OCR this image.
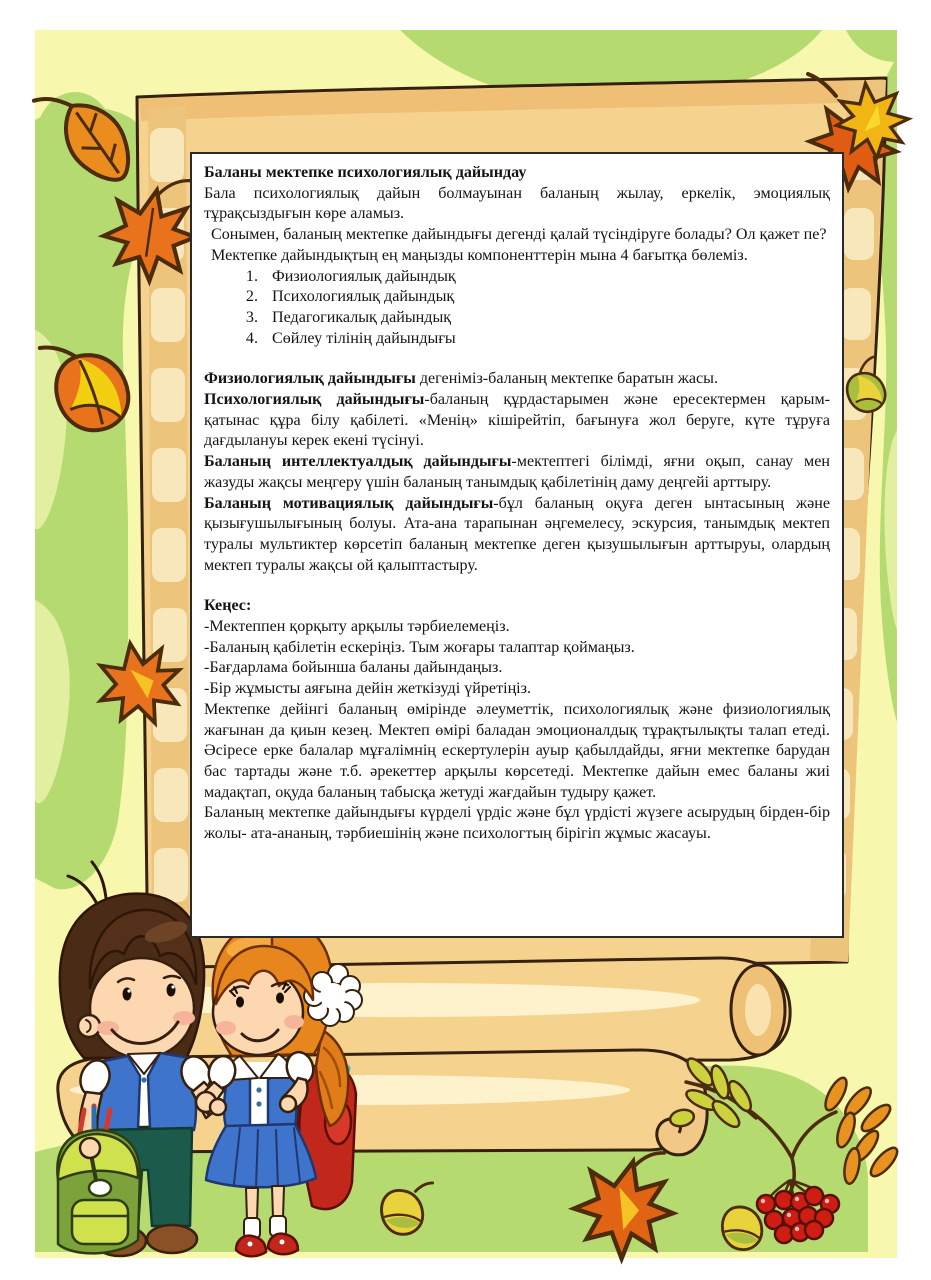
Баланы мектепке психологиялық дайындау

Бала психологиялық дайын болмауынан баланың жылау, еркелік, эмоциялық тұрақсыздығын көре аламыз.

Сонымен, баланың мектепке дайындығы дегенді қалай түсіндіруге болады? Ол қажет пе?

Мектепке дайындықтың ең маңызды компоненттерін мына 4 бағытқа бөлеміз.

1. Физиологиялық дайындық
2. Психологиялық дайындық
3. Педагогикалық дайындық
4. Сөйлеу тілінің дайындығы

Физиологиялық дайындығы дегеніміз-баланың мектепке баратын жасы.

Психологиялық дайындығы-баланың құрдастарымен және ересектермен қарым-қатынас құра білу қабілеті. «Менің» кішірейтіп, бағынуға жол беруге, күте тұруға дағдылануы керек екені түсінуі.

Баланың интеллектуалдық дайындығы-мектептегі білімді, яғни оқып, санау мен жазуды жақсы меңгеру үшін баланың танымдық қабілетінің даму деңгейі арттыру.

Баланың мотивациялық дайындығы-бұл баланың оқуға деген ынтасының және қызығушылығының болуы. Ата-ана тарапынан әңгемелесу, эскурсия, танымдық мектеп туралы мультиктер көрсетіп баланың мектепке деген қызушылығын арттыруы, олардың мектеп туралы жақсы ой қалыптастыру.

Кеңес:

-Мектеппен қорқыту арқылы тәрбиелемеңіз.

-Баланың қабілетін ескеріңіз. Тым жоғары талаптар қоймаңыз.

-Бағдарлама бойынша баланы дайындаңыз.

-Бір жұмысты аяғына дейін жеткізуді үйретіңіз.

Мектепке дейінгі баланың өмірінде әлеуметтік, психологиялық және физиологиялық жағынан да қиын кезең. Мектеп өмірі баладан эмоционалдық тұрақтылықты талап етеді. Әсіресе ерке балалар мұғалімнің ескертулерін ауыр қабылдайды, яғни мектепке барудан бас тартады және т.б. әрекеттер арқылы көрсетеді. Мектепке дайын емес баланы жиі мадақтап, оқуда баланың табысқа жетуді жағдайын тудыру қажет.

Баланың мектепке дайындығы күрделі үрдіс және бұл үрдісті жүзеге асырудың бірден-бір жолы- ата-ананың, тәрбиешінің және психологтың бірігіп жұмыс жасауы.
